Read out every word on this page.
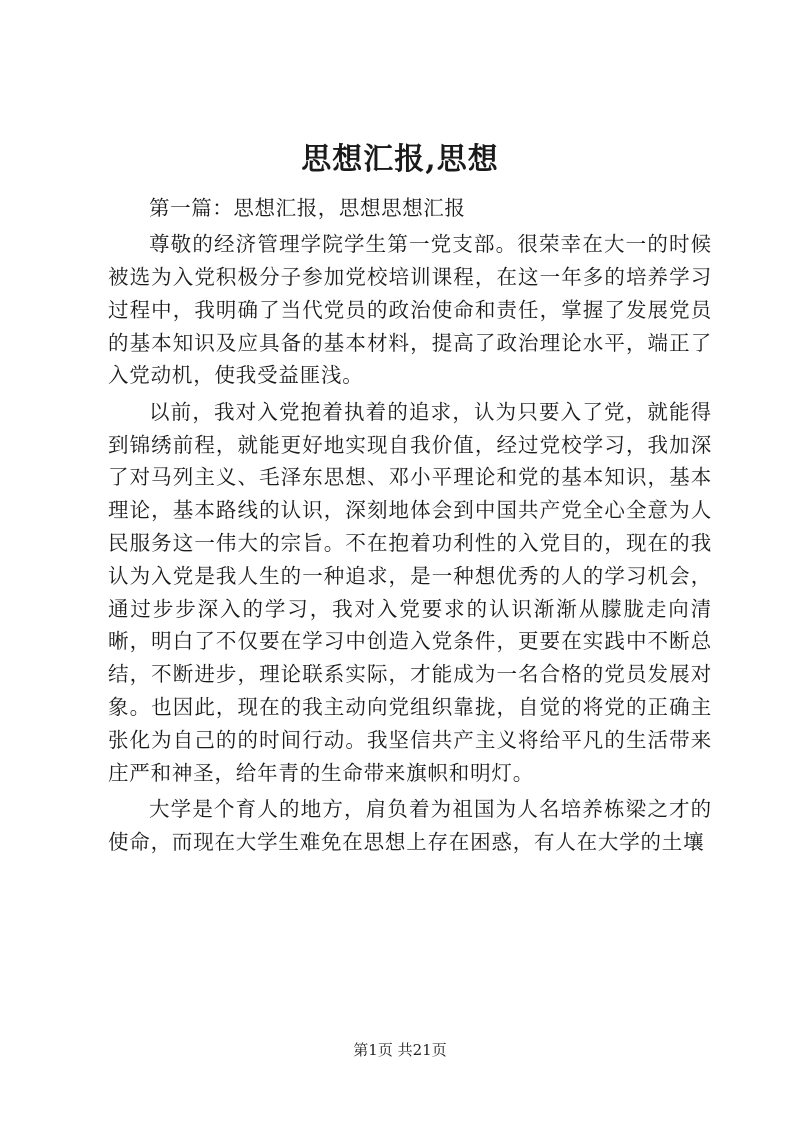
思想汇报,思想

第一篇：思想汇报，思想思想汇报

尊敬的经济管理学院学生第一党支部。很荣幸在大一的时候被选为入党积极分子参加党校培训课程，在这一年多的培养学习过程中，我明确了当代党员的政治使命和责任，掌握了发展党员的基本知识及应具备的基本材料，提高了政治理论水平，端正了入党动机，使我受益匪浅。

以前，我对入党抱着执着的追求，认为只要入了党，就能得到锦绣前程，就能更好地实现自我价值，经过党校学习，我加深了对马列主义、毛泽东思想、邓小平理论和党的基本知识，基本理论，基本路线的认识，深刻地体会到中国共产党全心全意为人民服务这一伟大的宗旨。不在抱着功利性的入党目的，现在的我认为入党是我人生的一种追求，是一种想优秀的人的学习机会，通过步步深入的学习，我对入党要求的认识渐渐从朦胧走向清晰，明白了不仅要在学习中创造入党条件，更要在实践中不断总结，不断进步，理论联系实际，才能成为一名合格的党员发展对象。也因此，现在的我主动向党组织靠拢，自觉的将党的正确主张化为自己的的时间行动。我坚信共产主义将给平凡的生活带来庄严和神圣，给年青的生命带来旗帜和明灯。

大学是个育人的地方，肩负着为祖国为人名培养栋梁之才的使命，而现在大学生难免在思想上存在困惑，有人在大学的土壤

第1页 共21页
